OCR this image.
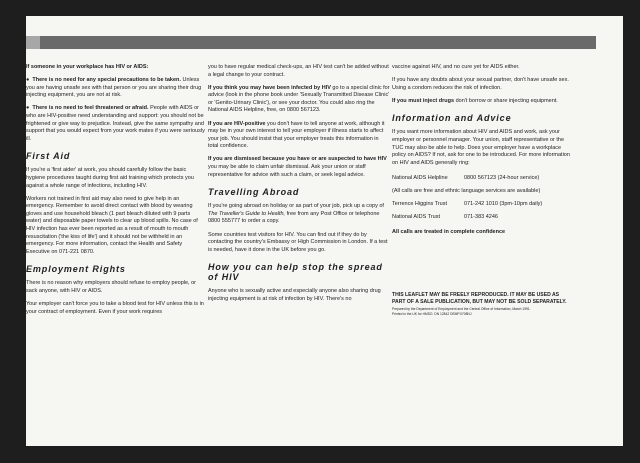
If someone in your workplace has HIV or AIDS:

●  There is no need for any special precautions to be taken. Unless you are having unsafe sex with that person or you are sharing their drug injecting equipment, you are not at risk.

●  There is no need to feel threatened or afraid. People with AIDS or who are HIV-positive need understanding and support: you should not be frightened or give way to prejudice. Instead, give the same sympathy and support that you would expect from your work mates if you were seriously ill.

First Aid

If you're a 'first aider' at work, you should carefully follow the basic hygiene procedures taught during first aid training which protects you against a whole range of infections, including HIV.

Workers not trained in first aid may also need to give help in an emergency. Remember to avoid direct contact with blood by wearing gloves and use household bleach (1 part bleach diluted with 9 parts water) and disposable paper towels to clear up blood spills. No case of HIV infection has ever been reported as a result of mouth to mouth resuscitation ('the kiss of life') and it should not be withheld in an emergency. For more information, contact the Health and Safety Executive on 071-221 0870.

Employment Rights

There is no reason why employers should refuse to employ people, or sack anyone, with HIV or AIDS.

Your employer can't force you to take a blood test for HIV unless this is in your contract of employment. Even if your work requires

you to have regular medical check-ups, an HIV test can't be added without a legal change to your contract.

If you think you may have been infected by HIV go to a special clinic for advice (look in the phone book under 'Sexually Transmitted Disease Clinic' or 'Genito-Urinary Clinic'), or see your doctor. You could also ring the National AIDS Helpline, free, on 0800 567123.

If you are HIV-positive you don't have to tell anyone at work, although it may be in your own interest to tell your employer if illness starts to affect your job. You should insist that your employer treats this information in total confidence.

If you are dismissed because you have or are suspected to have HIV you may be able to claim unfair dismissal. Ask your union or staff representative for advice with such a claim, or seek legal advice.

Travelling Abroad

If you're going abroad on holiday or as part of your job, pick up a copy of The Traveller's Guide to Health, free from any Post Office or telephone 0800 555777 to order a copy.

Some countries test visitors for HIV. You can find out if they do by contacting the country's Embassy or High Commission in London. If a test is needed, have it done in the UK before you go.

How you can help stop the spread of HIV

Anyone who is sexually active and especially anyone also sharing drug injecting equipment is at risk of infection by HIV. There's no

vaccine against HIV, and no cure yet for AIDS either.

If you have any doubts about your sexual partner, don't have unsafe sex. Using a condom reduces the risk of infection.

If you must inject drugs don't borrow or share injecting equipment.

Information and Advice

If you want more information about HIV and AIDS and work, ask your employer or personnel manager. Your union, staff representative or the TUC may also be able to help. Does your employer have a workplace policy on AIDS? If not, ask for one to be introduced. For more information on HIV and AIDS generally ring:

National AIDS Helpline	0800 567123 (24-hour service)
(All calls are free and ethnic language services are available)	
Terrence Higgins Trust	071-242 1010 (3pm-10pm daily)
National AIDS Trust	071-383 4246

All calls are treated in complete confidence

THIS LEAFLET MAY BE FREELY REPRODUCED. IT MAY BE USED AS PART OF A SALE PUBLICATION, BUT MAY NOT BE SOLD SEPARATELY.

Prepared by the Department of Employment and the Central Office of Information, March 1991.

Printed in the UK for HMSO. DN 12842 DEMP.0708NJ
